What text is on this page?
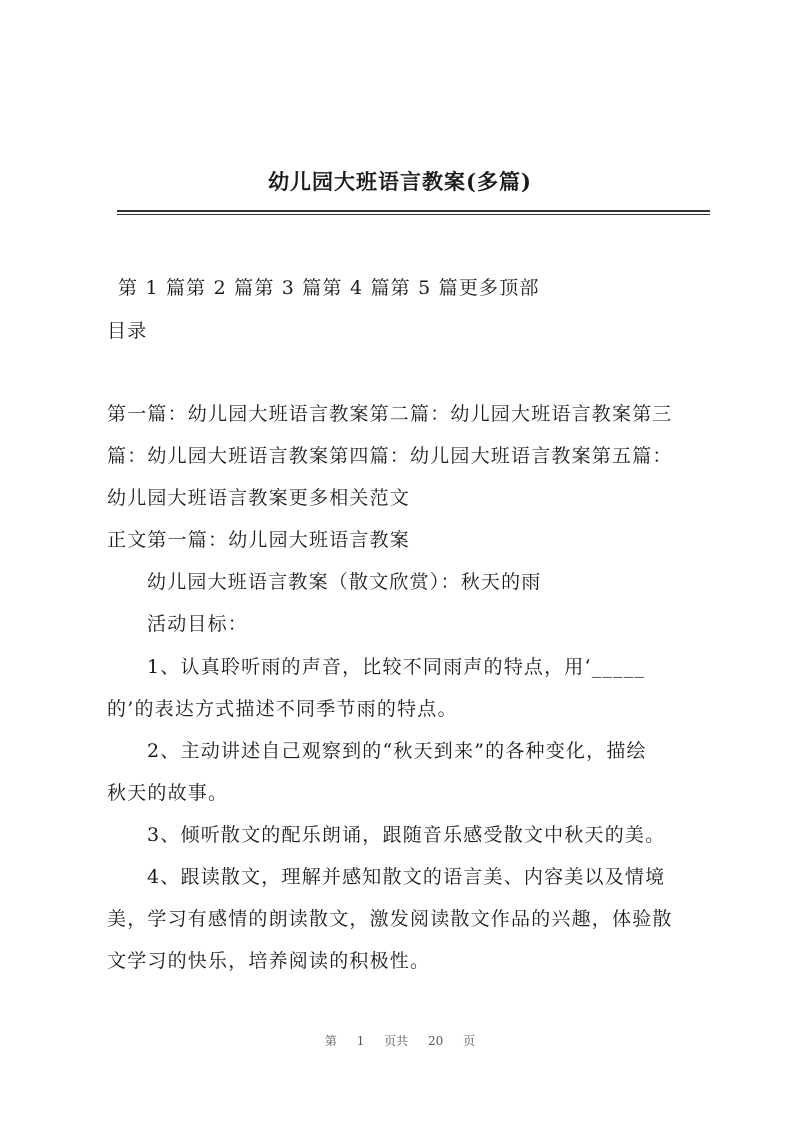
幼儿园大班语言教案(多篇)
第 1 篇第 2 篇第 3 篇第 4 篇第 5 篇更多顶部
目录
第一篇：幼儿园大班语言教案第二篇：幼儿园大班语言教案第三
篇：幼儿园大班语言教案第四篇：幼儿园大班语言教案第五篇：
幼儿园大班语言教案更多相关范文
正文第一篇：幼儿园大班语言教案
幼儿园大班语言教案（散文欣赏）：秋天的雨
活动目标：
1、认真聆听雨的声音，比较不同雨声的特点，用‘_____
的’的表达方式描述不同季节雨的特点。
2、主动讲述自己观察到的“秋天到来”的各种变化，描绘
秋天的故事。
3、倾听散文的配乐朗诵，跟随音乐感受散文中秋天的美。
4、跟读散文，理解并感知散文的语言美、内容美以及情境
美，学习有感情的朗读散文，激发阅读散文作品的兴趣，体验散
文学习的快乐，培养阅读的积极性。
第 1 页共 20 页
